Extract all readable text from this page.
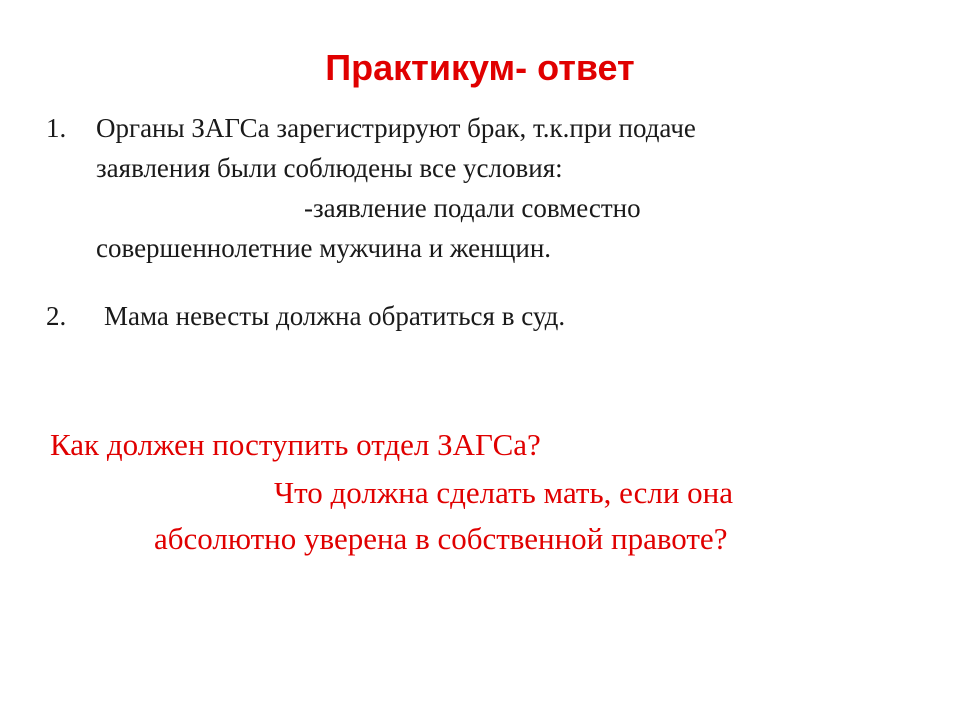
Практикум- ответ
1. Органы ЗАГСа зарегистрируют брак, т.к.при подаче
заявления были соблюдены все условия:
-заявление подали совместно
совершеннолетние мужчина и женщин.
2. Мама невесты должна обратиться в суд.
Как должен поступить отдел ЗАГСа?
Что должна сделать мать, если она
абсолютно уверена в собственной правоте?
